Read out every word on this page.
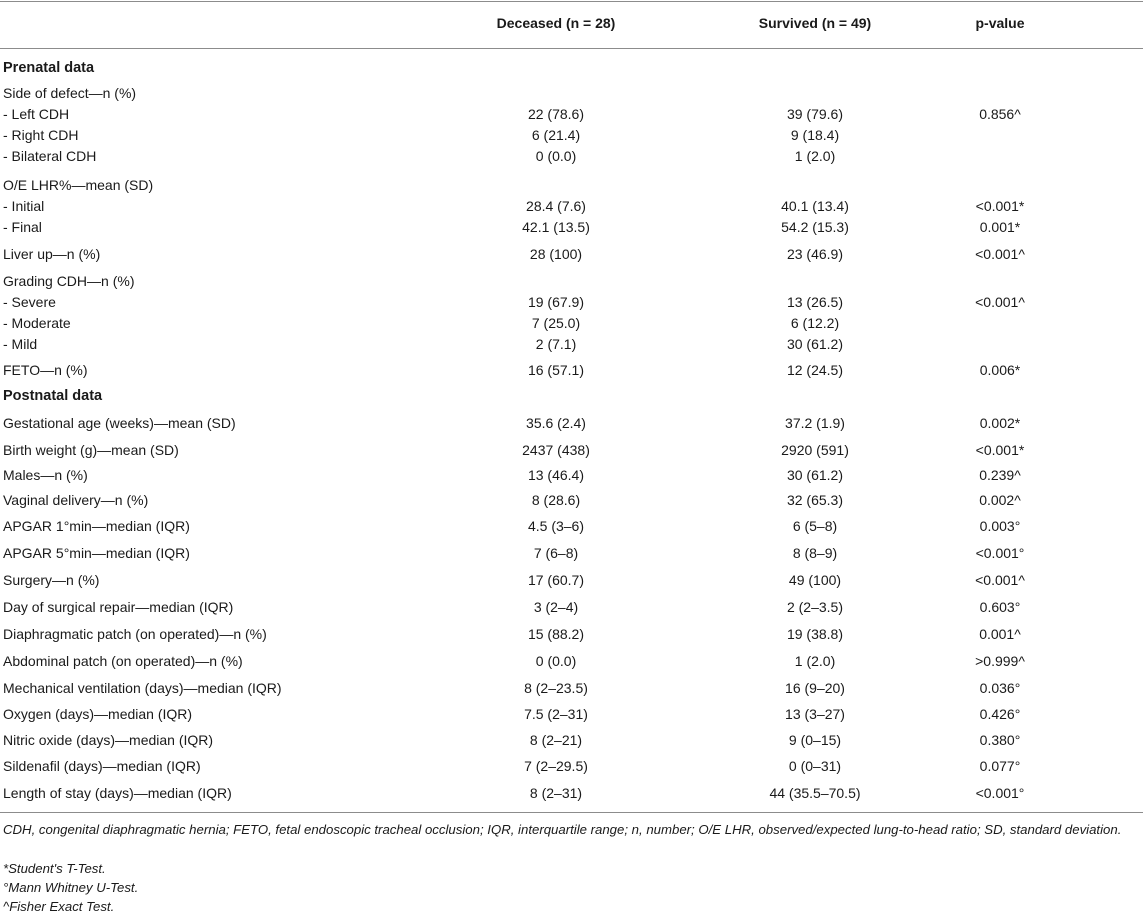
Deceased (n = 28)	Survived (n = 49)	p-value
Prenatal data
Side of defect—n (%)
- Left CDH	22 (78.6)	39 (79.6)	0.856^
- Right CDH	6 (21.4)	9 (18.4)
- Bilateral CDH	0 (0.0)	1 (2.0)
O/E LHR%—mean (SD)
- Initial	28.4 (7.6)	40.1 (13.4)	<0.001*
- Final	42.1 (13.5)	54.2 (15.3)	0.001*
Liver up—n (%)	28 (100)	23 (46.9)	<0.001^
Grading CDH—n (%)
- Severe	19 (67.9)	13 (26.5)	<0.001^
- Moderate	7 (25.0)	6 (12.2)
- Mild	2 (7.1)	30 (61.2)
FETO—n (%)	16 (57.1)	12 (24.5)	0.006*
Postnatal data
Gestational age (weeks)—mean (SD)	35.6 (2.4)	37.2 (1.9)	0.002*
Birth weight (g)—mean (SD)	2437 (438)	2920 (591)	<0.001*
Males—n (%)	13 (46.4)	30 (61.2)	0.239^
Vaginal delivery—n (%)	8 (28.6)	32 (65.3)	0.002^
APGAR 1°min—median (IQR)	4.5 (3–6)	6 (5–8)	0.003°
APGAR 5°min—median (IQR)	7 (6–8)	8 (8–9)	<0.001°
Surgery—n (%)	17 (60.7)	49 (100)	<0.001^
Day of surgical repair—median (IQR)	3 (2–4)	2 (2–3.5)	0.603°
Diaphragmatic patch (on operated)—n (%)	15 (88.2)	19 (38.8)	0.001^
Abdominal patch (on operated)—n (%)	0 (0.0)	1 (2.0)	>0.999^
Mechanical ventilation (days)—median (IQR)	8 (2–23.5)	16 (9–20)	0.036°
Oxygen (days)—median (IQR)	7.5 (2–31)	13 (3–27)	0.426°
Nitric oxide (days)—median (IQR)	8 (2–21)	9 (0–15)	0.380°
Sildenafil (days)—median (IQR)	7 (2–29.5)	0 (0–31)	0.077°
Length of stay (days)—median (IQR)	8 (2–31)	44 (35.5–70.5)	<0.001°
CDH, congenital diaphragmatic hernia; FETO, fetal endoscopic tracheal occlusion; IQR, interquartile range; n, number; O/E LHR, observed/expected lung-to-head ratio; SD, standard deviation.
*Student's T-Test.
°Mann Whitney U-Test.
^Fisher Exact Test.
